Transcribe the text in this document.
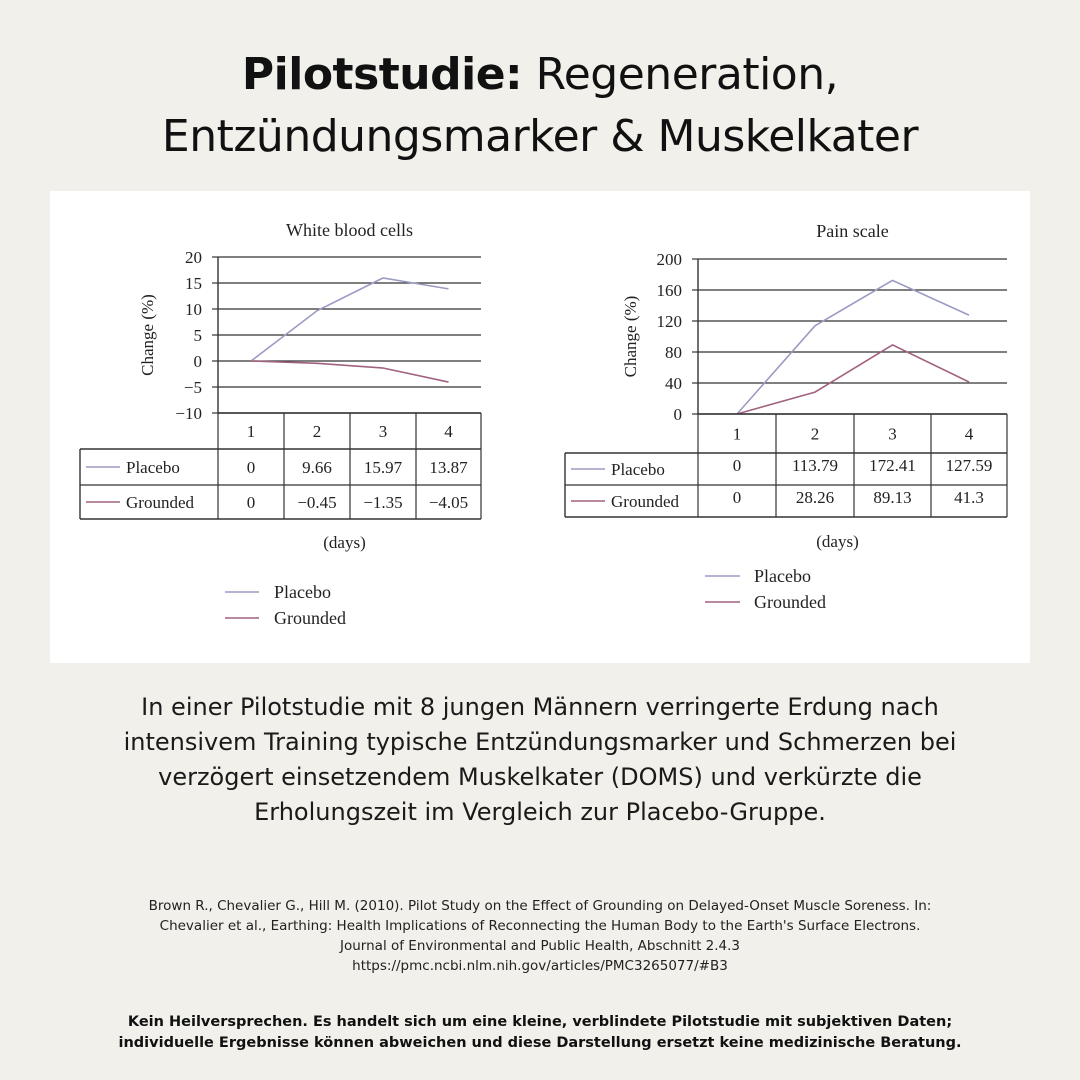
Pilotstudie: Regeneration,
Entzündungsmarker & Muskelkater
White blood cells
20
15
10
5
0
−5
−10
Change (%)
1	2	3	4
Placebo	0	9.66 15.97 13.87
Grounded	0 −0.45 −1.35 −4.05
(days)
Placebo
Grounded
Pain scale
200
160
120
80
40
0
Change (%)
1	2	3	4
Placebo	0	113.79 172.41 127.59
Grounded	0	28.26 89.13	41.3
(days)
Placebo
Grounded
In einer Pilotstudie mit 8 jungen Männern verringerte Erdung nach intensivem Training typische Entzündungsmarker und Schmerzen bei verzögert einsetzendem Muskelkater (DOMS) und verkürzte die Erholungszeit im Vergleich zur Placebo-Gruppe.
Brown R., Chevalier G., Hill M. (2010). Pilot Study on the Effect of Grounding on Delayed-Onset Muscle Soreness. In:
Chevalier et al., Earthing: Health Implications of Reconnecting the Human Body to the Earth's Surface Electrons.
Journal of Environmental and Public Health, Abschnitt 2.4.3
https://pmc.ncbi.nlm.nih.gov/articles/PMC3265077/#B3
Kein Heilversprechen. Es handelt sich um eine kleine, verblindete Pilotstudie mit subjektiven Daten;
individuelle Ergebnisse können abweichen und diese Darstellung ersetzt keine medizinische Beratung.
